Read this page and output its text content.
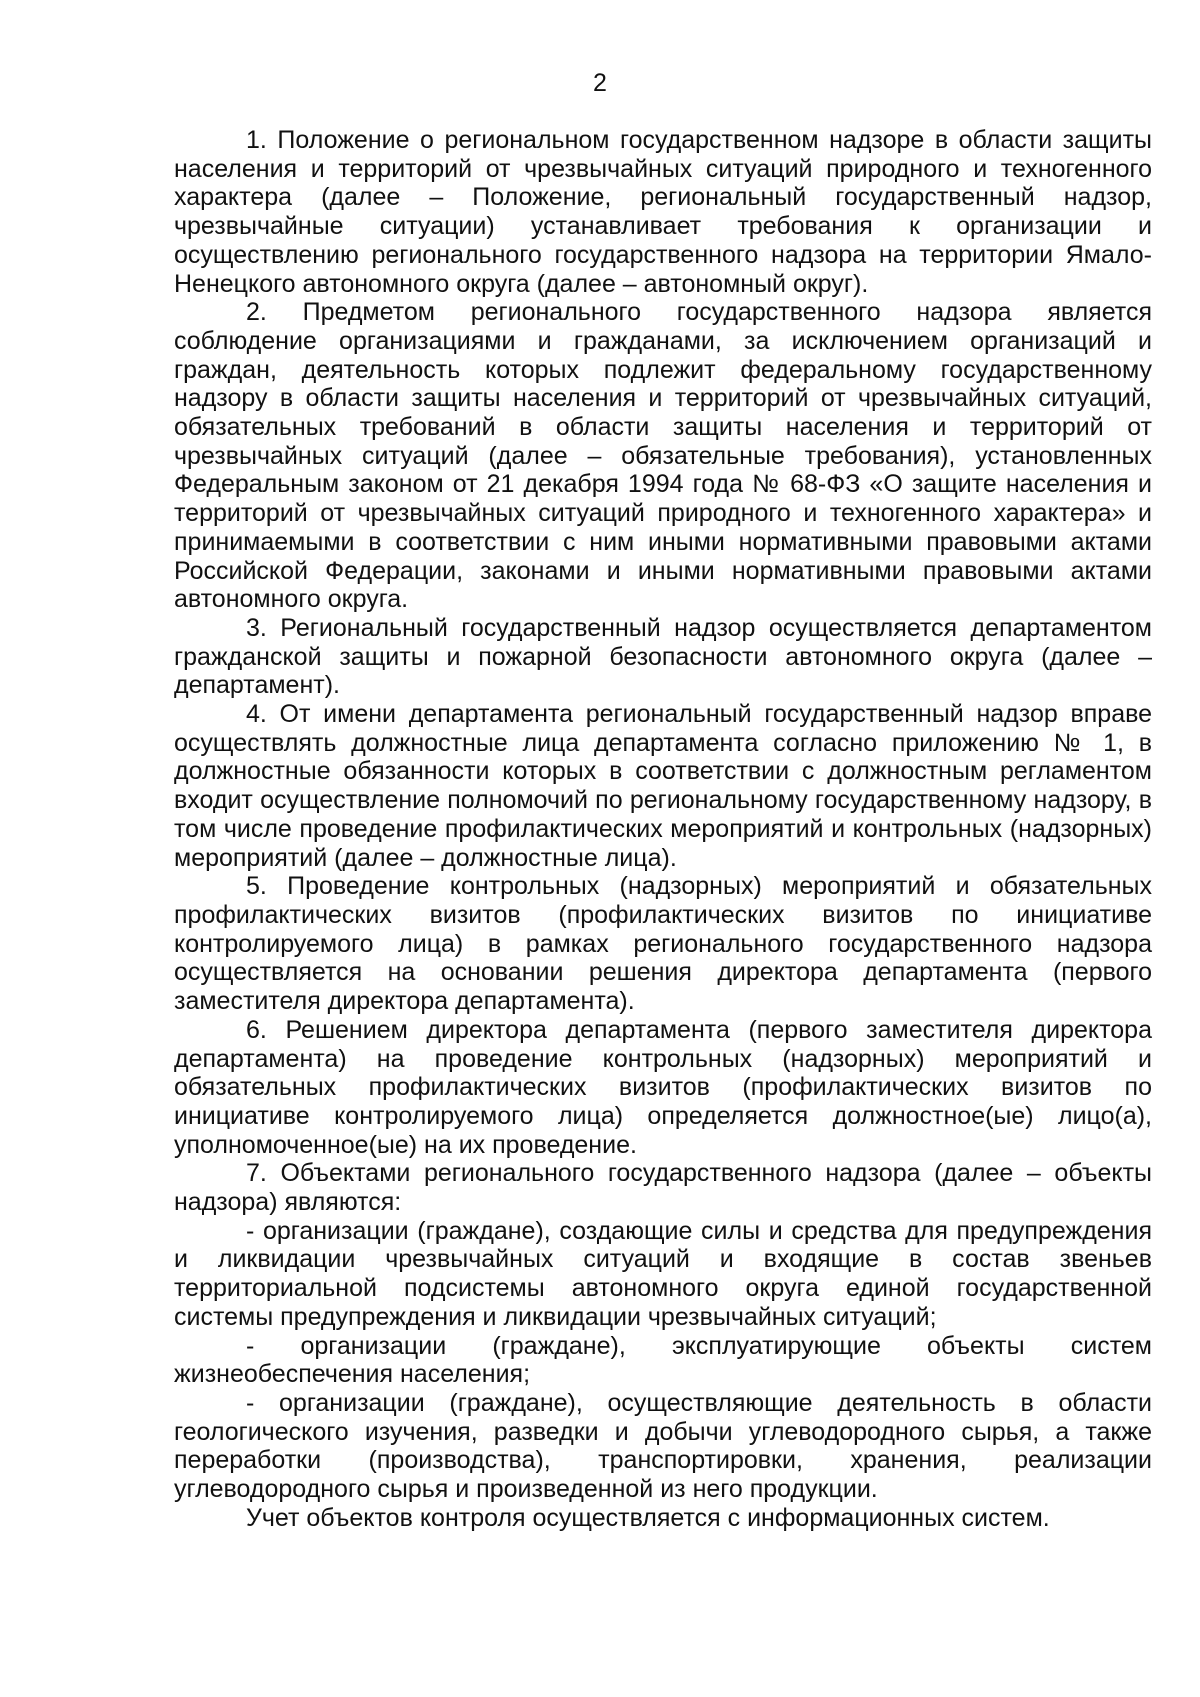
2

1. Положение о региональном государственном надзоре в области защиты населения и территорий от чрезвычайных ситуаций природного и техногенного характера (далее – Положение, региональный государственный надзор, чрезвычайные ситуации) устанавливает требования к организации и осуществлению регионального государственного надзора на территории Ямало-Ненецкого автономного округа (далее – автономный округ).

2. Предметом регионального государственного надзора является соблюдение организациями и гражданами, за исключением организаций и граждан, деятельность которых подлежит федеральному государственному надзору в области защиты населения и территорий от чрезвычайных ситуаций, обязательных требований в области защиты населения и территорий от чрезвычайных ситуаций (далее – обязательные требования), установленных Федеральным законом от 21 декабря 1994 года № 68-ФЗ «О защите населения и территорий от чрезвычайных ситуаций природного и техногенного характера» и принимаемыми в соответствии с ним иными нормативными правовыми актами Российской Федерации, законами и иными нормативными правовыми актами автономного округа.

3. Региональный государственный надзор осуществляется департаментом гражданской защиты и пожарной безопасности автономного округа (далее – департамент).

4. От имени департамента региональный государственный надзор вправе осуществлять должностные лица департамента согласно приложению № 1, в должностные обязанности которых в соответствии с должностным регламентом входит осуществление полномочий по региональному государственному надзору, в том числе проведение профилактических мероприятий и контрольных (надзорных) мероприятий (далее – должностные лица).

5. Проведение контрольных (надзорных) мероприятий и обязательных профилактических визитов (профилактических визитов по инициативе контролируемого лица) в рамках регионального государственного надзора осуществляется на основании решения директора департамента (первого заместителя директора департамента).

6. Решением директора департамента (первого заместителя директора департамента) на проведение контрольных (надзорных) мероприятий и обязательных профилактических визитов (профилактических визитов по инициативе контролируемого лица) определяется должностное(ые) лицо(а), уполномоченное(ые) на их проведение.

7. Объектами регионального государственного надзора (далее – объекты надзора) являются:

- организации (граждане), создающие силы и средства для предупреждения и ликвидации чрезвычайных ситуаций и входящие в состав звеньев территориальной подсистемы автономного округа единой государственной системы предупреждения и ликвидации чрезвычайных ситуаций;

- организации (граждане), эксплуатирующие объекты систем жизнеобеспечения населения;

- организации (граждане), осуществляющие деятельность в области геологического изучения, разведки и добычи углеводородного сырья, а также переработки (производства), транспортировки, хранения, реализации углеводородного сырья и произведенной из него продукции.

Учет объектов контроля осуществляется с информационных систем.
